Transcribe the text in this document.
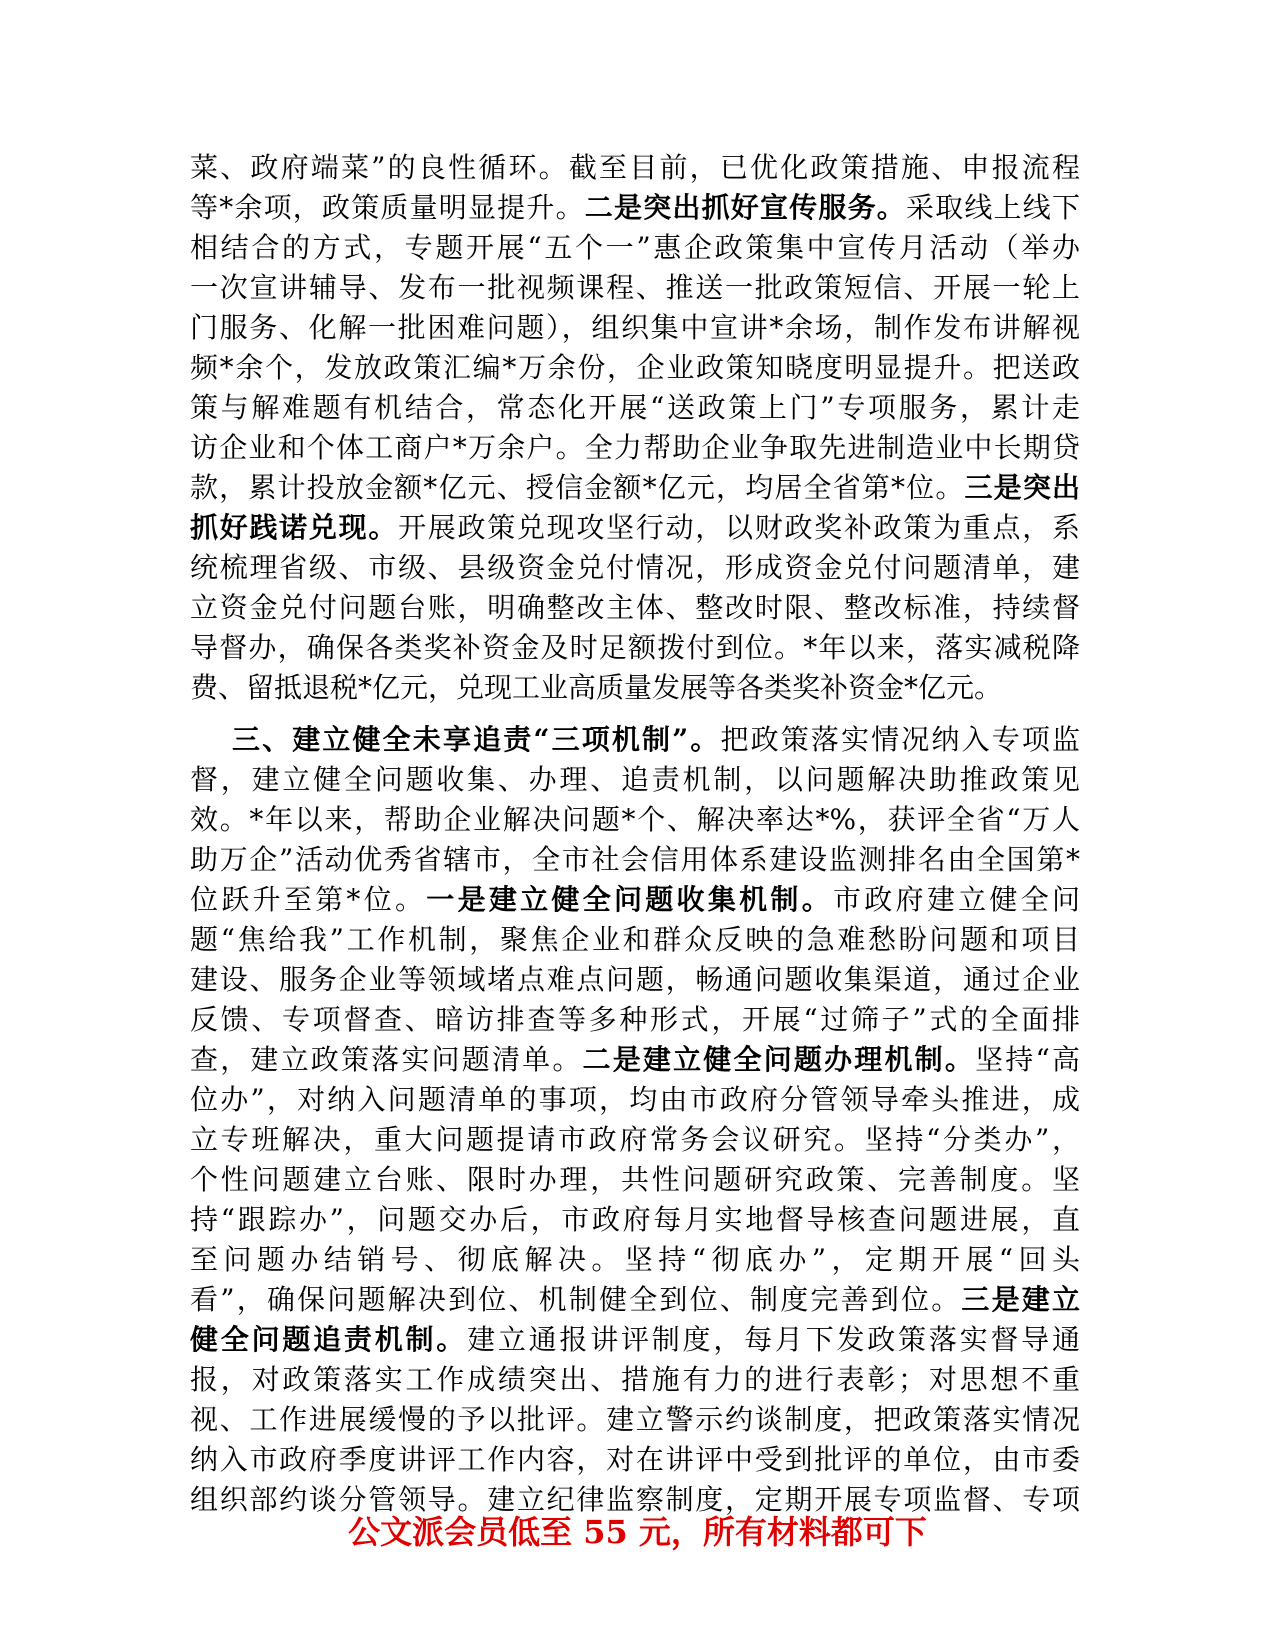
菜、政府端菜”的良性循环。截至目前，已优化政策措施、申报流程
等*余项，政策质量明显提升。二是突出抓好宣传服务。采取线上线下
相结合的方式，专题开展“五个一”惠企政策集中宣传月活动（举办
一次宣讲辅导、发布一批视频课程、推送一批政策短信、开展一轮上
门服务、化解一批困难问题），组织集中宣讲*余场，制作发布讲解视
频*余个，发放政策汇编*万余份，企业政策知晓度明显提升。把送政
策与解难题有机结合，常态化开展“送政策上门”专项服务，累计走
访企业和个体工商户*万余户。全力帮助企业争取先进制造业中长期贷
款，累计投放金额*亿元、授信金额*亿元，均居全省第*位。三是突出
抓好践诺兑现。开展政策兑现攻坚行动，以财政奖补政策为重点，系
统梳理省级、市级、县级资金兑付情况，形成资金兑付问题清单，建
立资金兑付问题台账，明确整改主体、整改时限、整改标准，持续督
导督办，确保各类奖补资金及时足额拨付到位。*年以来，落实减税降
费、留抵退税*亿元，兑现工业高质量发展等各类奖补资金*亿元。
三、建立健全未享追责“三项机制”。把政策落实情况纳入专项监
督，建立健全问题收集、办理、追责机制，以问题解决助推政策见
效。*年以来，帮助企业解决问题*个、解决率达*%，获评全省“万人
助万企”活动优秀省辖市，全市社会信用体系建设监测排名由全国第*
位跃升至第*位。一是建立健全问题收集机制。市政府建立健全问
题“焦给我”工作机制，聚焦企业和群众反映的急难愁盼问题和项目
建设、服务企业等领域堵点难点问题，畅通问题收集渠道，通过企业
反馈、专项督查、暗访排查等多种形式，开展“过筛子”式的全面排
查，建立政策落实问题清单。二是建立健全问题办理机制。坚持“高
位办”，对纳入问题清单的事项，均由市政府分管领导牵头推进，成
立专班解决，重大问题提请市政府常务会议研究。坚持“分类办”，
个性问题建立台账、限时办理，共性问题研究政策、完善制度。坚
持“跟踪办”，问题交办后，市政府每月实地督导核查问题进展，直
至问题办结销号、彻底解决。坚持“彻底办”，定期开展“回头
看”，确保问题解决到位、机制健全到位、制度完善到位。三是建立
健全问题追责机制。建立通报讲评制度，每月下发政策落实督导通
报，对政策落实工作成绩突出、措施有力的进行表彰；对思想不重
视、工作进展缓慢的予以批评。建立警示约谈制度，把政策落实情况
纳入市政府季度讲评工作内容，对在讲评中受到批评的单位，由市委
组织部约谈分管领导。建立纪律监察制度，定期开展专项监督、专项
公文派会员低至 55 元，所有材料都可下
